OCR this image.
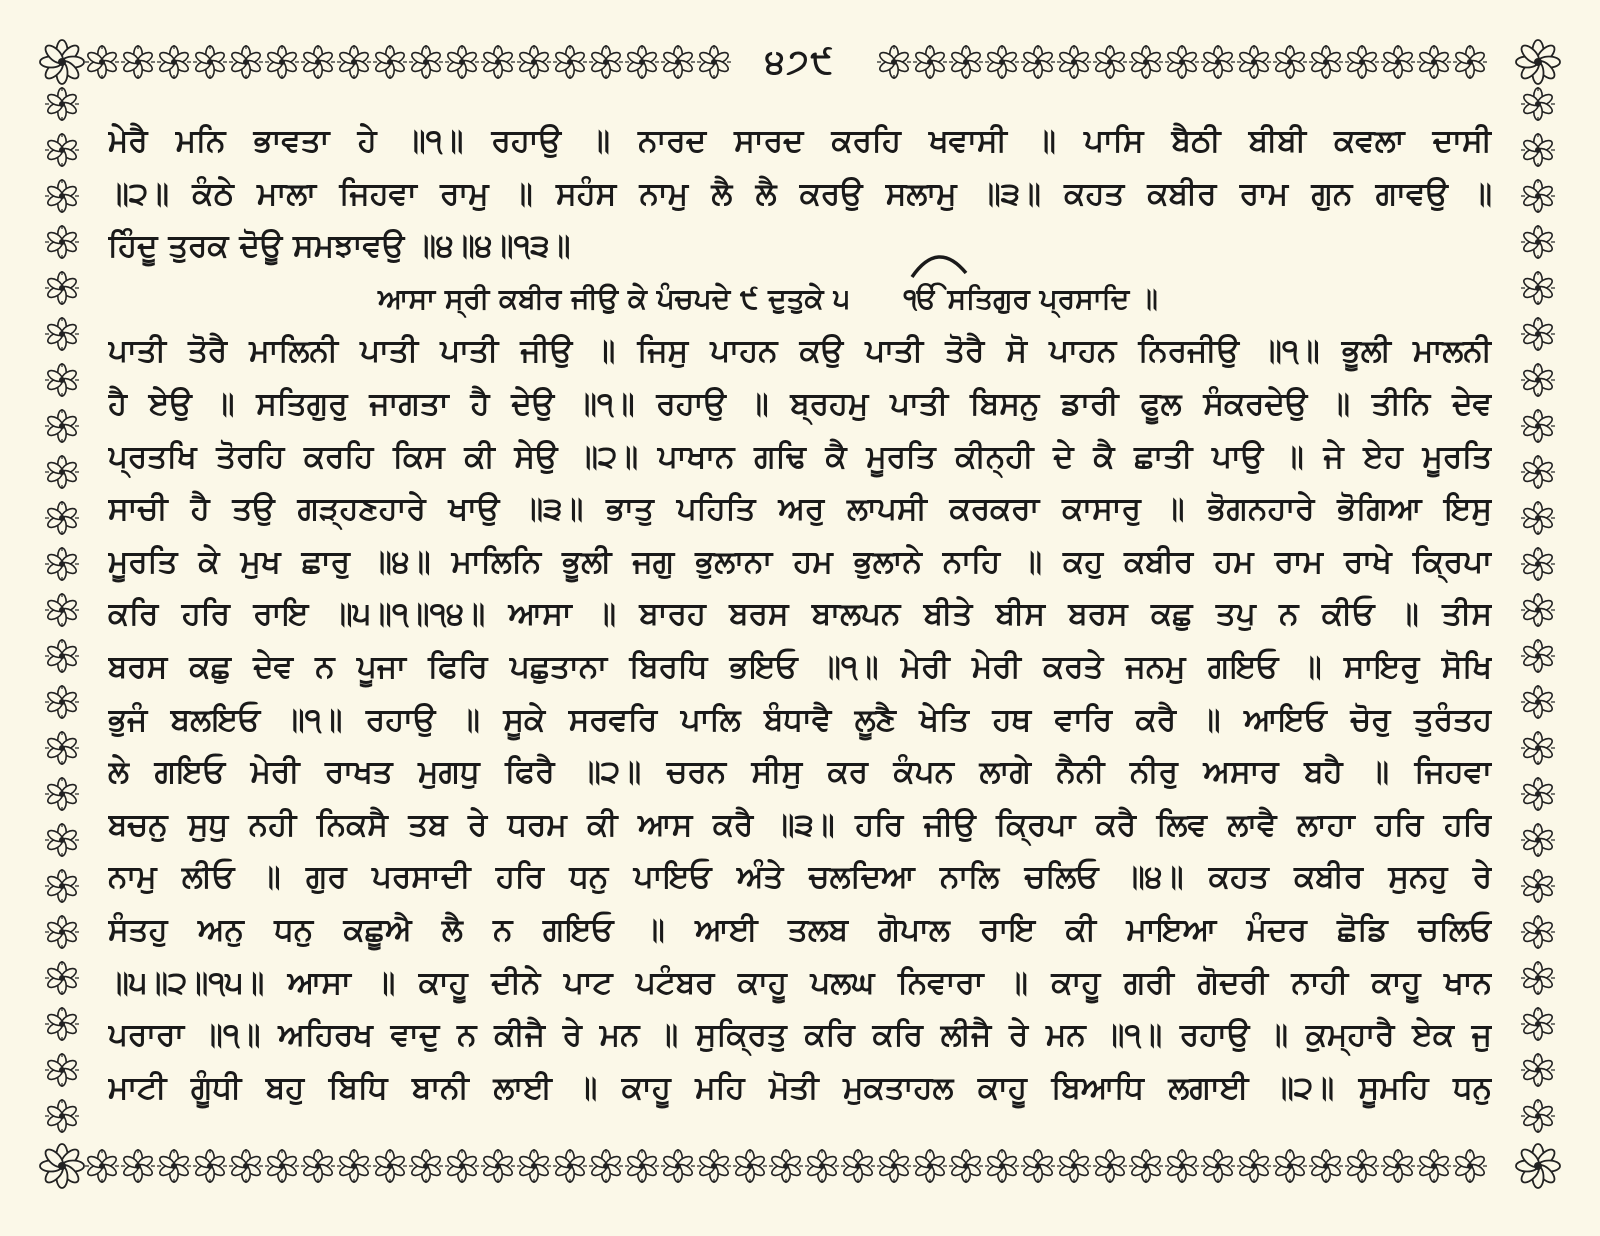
੪੭੯
ਮੇਰੈ ਮਨਿ ਭਾਵਤਾ ਹੇ ॥੧॥ ਰਹਾਉ ॥ ਨਾਰਦ ਸਾਰਦ ਕਰਹਿ ਖਵਾਸੀ ॥ ਪਾਸਿ ਬੈਠੀ ਬੀਬੀ ਕਵਲਾ ਦਾਸੀ
॥੨॥ ਕੰਠੇ ਮਾਲਾ ਜਿਹਵਾ ਰਾਮੁ ॥ ਸਹੰਸ ਨਾਮੁ ਲੈ ਲੈ ਕਰਉ ਸਲਾਮੁ ॥੩॥ ਕਹਤ ਕਬੀਰ ਰਾਮ ਗੁਨ ਗਾਵਉ ॥
ਹਿੰਦੂ ਤੁਰਕ ਦੋਊ ਸਮਝਾਵਉ ॥੪॥੪॥੧੩॥
ਆਸਾ ਸ੍ਰੀ ਕਬੀਰ ਜੀਉ ਕੇ ਪੰਚਪਦੇ ੯ ਦੁਤੁਕੇ ੫ ੴ ਸਤਿਗੁਰ ਪ੍ਰਸਾਦਿ ॥
ਪਾਤੀ ਤੋਰੈ ਮਾਲਿਨੀ ਪਾਤੀ ਪਾਤੀ ਜੀਉ ॥ ਜਿਸੁ ਪਾਹਨ ਕਉ ਪਾਤੀ ਤੋਰੈ ਸੋ ਪਾਹਨ ਨਿਰਜੀਉ ॥੧॥ ਭੂਲੀ ਮਾਲਨੀ
ਹੈ ਏਉ ॥ ਸਤਿਗੁਰੁ ਜਾਗਤਾ ਹੈ ਦੇਉ ॥੧॥ ਰਹਾਉ ॥ ਬ੍ਰਹਮੁ ਪਾਤੀ ਬਿਸਨੁ ਡਾਰੀ ਫੂਲ ਸੰਕਰਦੇਉ ॥ ਤੀਨਿ ਦੇਵ
ਪ੍ਰਤਖਿ ਤੋਰਹਿ ਕਰਹਿ ਕਿਸ ਕੀ ਸੇਉ ॥੨॥ ਪਾਖਾਨ ਗਢਿ ਕੈ ਮੂਰਤਿ ਕੀਨ੍ਹੀ ਦੇ ਕੈ ਛਾਤੀ ਪਾਉ ॥ ਜੇ ਏਹ ਮੂਰਤਿ
ਸਾਚੀ ਹੈ ਤਉ ਗੜ੍ਹਣਹਾਰੇ ਖਾਉ ॥੩॥ ਭਾਤੁ ਪਹਿਤਿ ਅਰੁ ਲਾਪਸੀ ਕਰਕਰਾ ਕਾਸਾਰੁ ॥ ਭੋਗਨਹਾਰੇ ਭੋਗਿਆ ਇਸੁ
ਮੂਰਤਿ ਕੇ ਮੁਖ ਛਾਰੁ ॥੪॥ ਮਾਲਿਨਿ ਭੂਲੀ ਜਗੁ ਭੁਲਾਨਾ ਹਮ ਭੁਲਾਨੇ ਨਾਹਿ ॥ ਕਹੁ ਕਬੀਰ ਹਮ ਰਾਮ ਰਾਖੇ ਕ੍ਰਿਪਾ
ਕਰਿ ਹਰਿ ਰਾਇ ॥੫॥੧॥੧੪॥ ਆਸਾ ॥ ਬਾਰਹ ਬਰਸ ਬਾਲਪਨ ਬੀਤੇ ਬੀਸ ਬਰਸ ਕਛੁ ਤਪੁ ਨ ਕੀਓ ॥ ਤੀਸ
ਬਰਸ ਕਛੁ ਦੇਵ ਨ ਪੂਜਾ ਫਿਰਿ ਪਛੁਤਾਨਾ ਬਿਰਧਿ ਭਇਓ ॥੧॥ ਮੇਰੀ ਮੇਰੀ ਕਰਤੇ ਜਨਮੁ ਗਇਓ ॥ ਸਾਇਰੁ ਸੋਖਿ
ਭੁਜੰ ਬਲਇਓ ॥੧॥ ਰਹਾਉ ॥ ਸੂਕੇ ਸਰਵਰਿ ਪਾਲਿ ਬੰਧਾਵੈ ਲੂਣੈ ਖੇਤਿ ਹਥ ਵਾਰਿ ਕਰੈ ॥ ਆਇਓ ਚੋਰੁ ਤੁਰੰਤਹ
ਲੇ ਗਇਓ ਮੇਰੀ ਰਾਖਤ ਮੁਗਧੁ ਫਿਰੈ ॥੨॥ ਚਰਨ ਸੀਸੁ ਕਰ ਕੰਪਨ ਲਾਗੇ ਨੈਨੀ ਨੀਰੁ ਅਸਾਰ ਬਹੈ ॥ ਜਿਹਵਾ
ਬਚਨੁ ਸੁਧੁ ਨਹੀ ਨਿਕਸੈ ਤਬ ਰੇ ਧਰਮ ਕੀ ਆਸ ਕਰੈ ॥੩॥ ਹਰਿ ਜੀਉ ਕ੍ਰਿਪਾ ਕਰੈ ਲਿਵ ਲਾਵੈ ਲਾਹਾ ਹਰਿ ਹਰਿ
ਨਾਮੁ ਲੀਓ ॥ ਗੁਰ ਪਰਸਾਦੀ ਹਰਿ ਧਨੁ ਪਾਇਓ ਅੰਤੇ ਚਲਦਿਆ ਨਾਲਿ ਚਲਿਓ ॥੪॥ ਕਹਤ ਕਬੀਰ ਸੁਨਹੁ ਰੇ
ਸੰਤਹੁ ਅਨੁ ਧਨੁ ਕਛੂਐ ਲੈ ਨ ਗਇਓ ॥ ਆਈ ਤਲਬ ਗੋਪਾਲ ਰਾਇ ਕੀ ਮਾਇਆ ਮੰਦਰ ਛੋਡਿ ਚਲਿਓ
॥੫॥੨॥੧੫॥ ਆਸਾ ॥ ਕਾਹੂ ਦੀਨੇ ਪਾਟ ਪਟੰਬਰ ਕਾਹੂ ਪਲਘ ਨਿਵਾਰਾ ॥ ਕਾਹੂ ਗਰੀ ਗੋਦਰੀ ਨਾਹੀ ਕਾਹੂ ਖਾਨ
ਪਰਾਰਾ ॥੧॥ ਅਹਿਰਖ ਵਾਦੁ ਨ ਕੀਜੈ ਰੇ ਮਨ ॥ ਸੁਕ੍ਰਿਤੁ ਕਰਿ ਕਰਿ ਲੀਜੈ ਰੇ ਮਨ ॥੧॥ ਰਹਾਉ ॥ ਕੁਮ੍ਹਾਰੈ ਏਕ ਜੁ
ਮਾਟੀ ਗੂੰਧੀ ਬਹੁ ਬਿਧਿ ਬਾਨੀ ਲਾਈ ॥ ਕਾਹੂ ਮਹਿ ਮੋਤੀ ਮੁਕਤਾਹਲ ਕਾਹੂ ਬਿਆਧਿ ਲਗਾਈ ॥੨॥ ਸੂਮਹਿ ਧਨੁ
